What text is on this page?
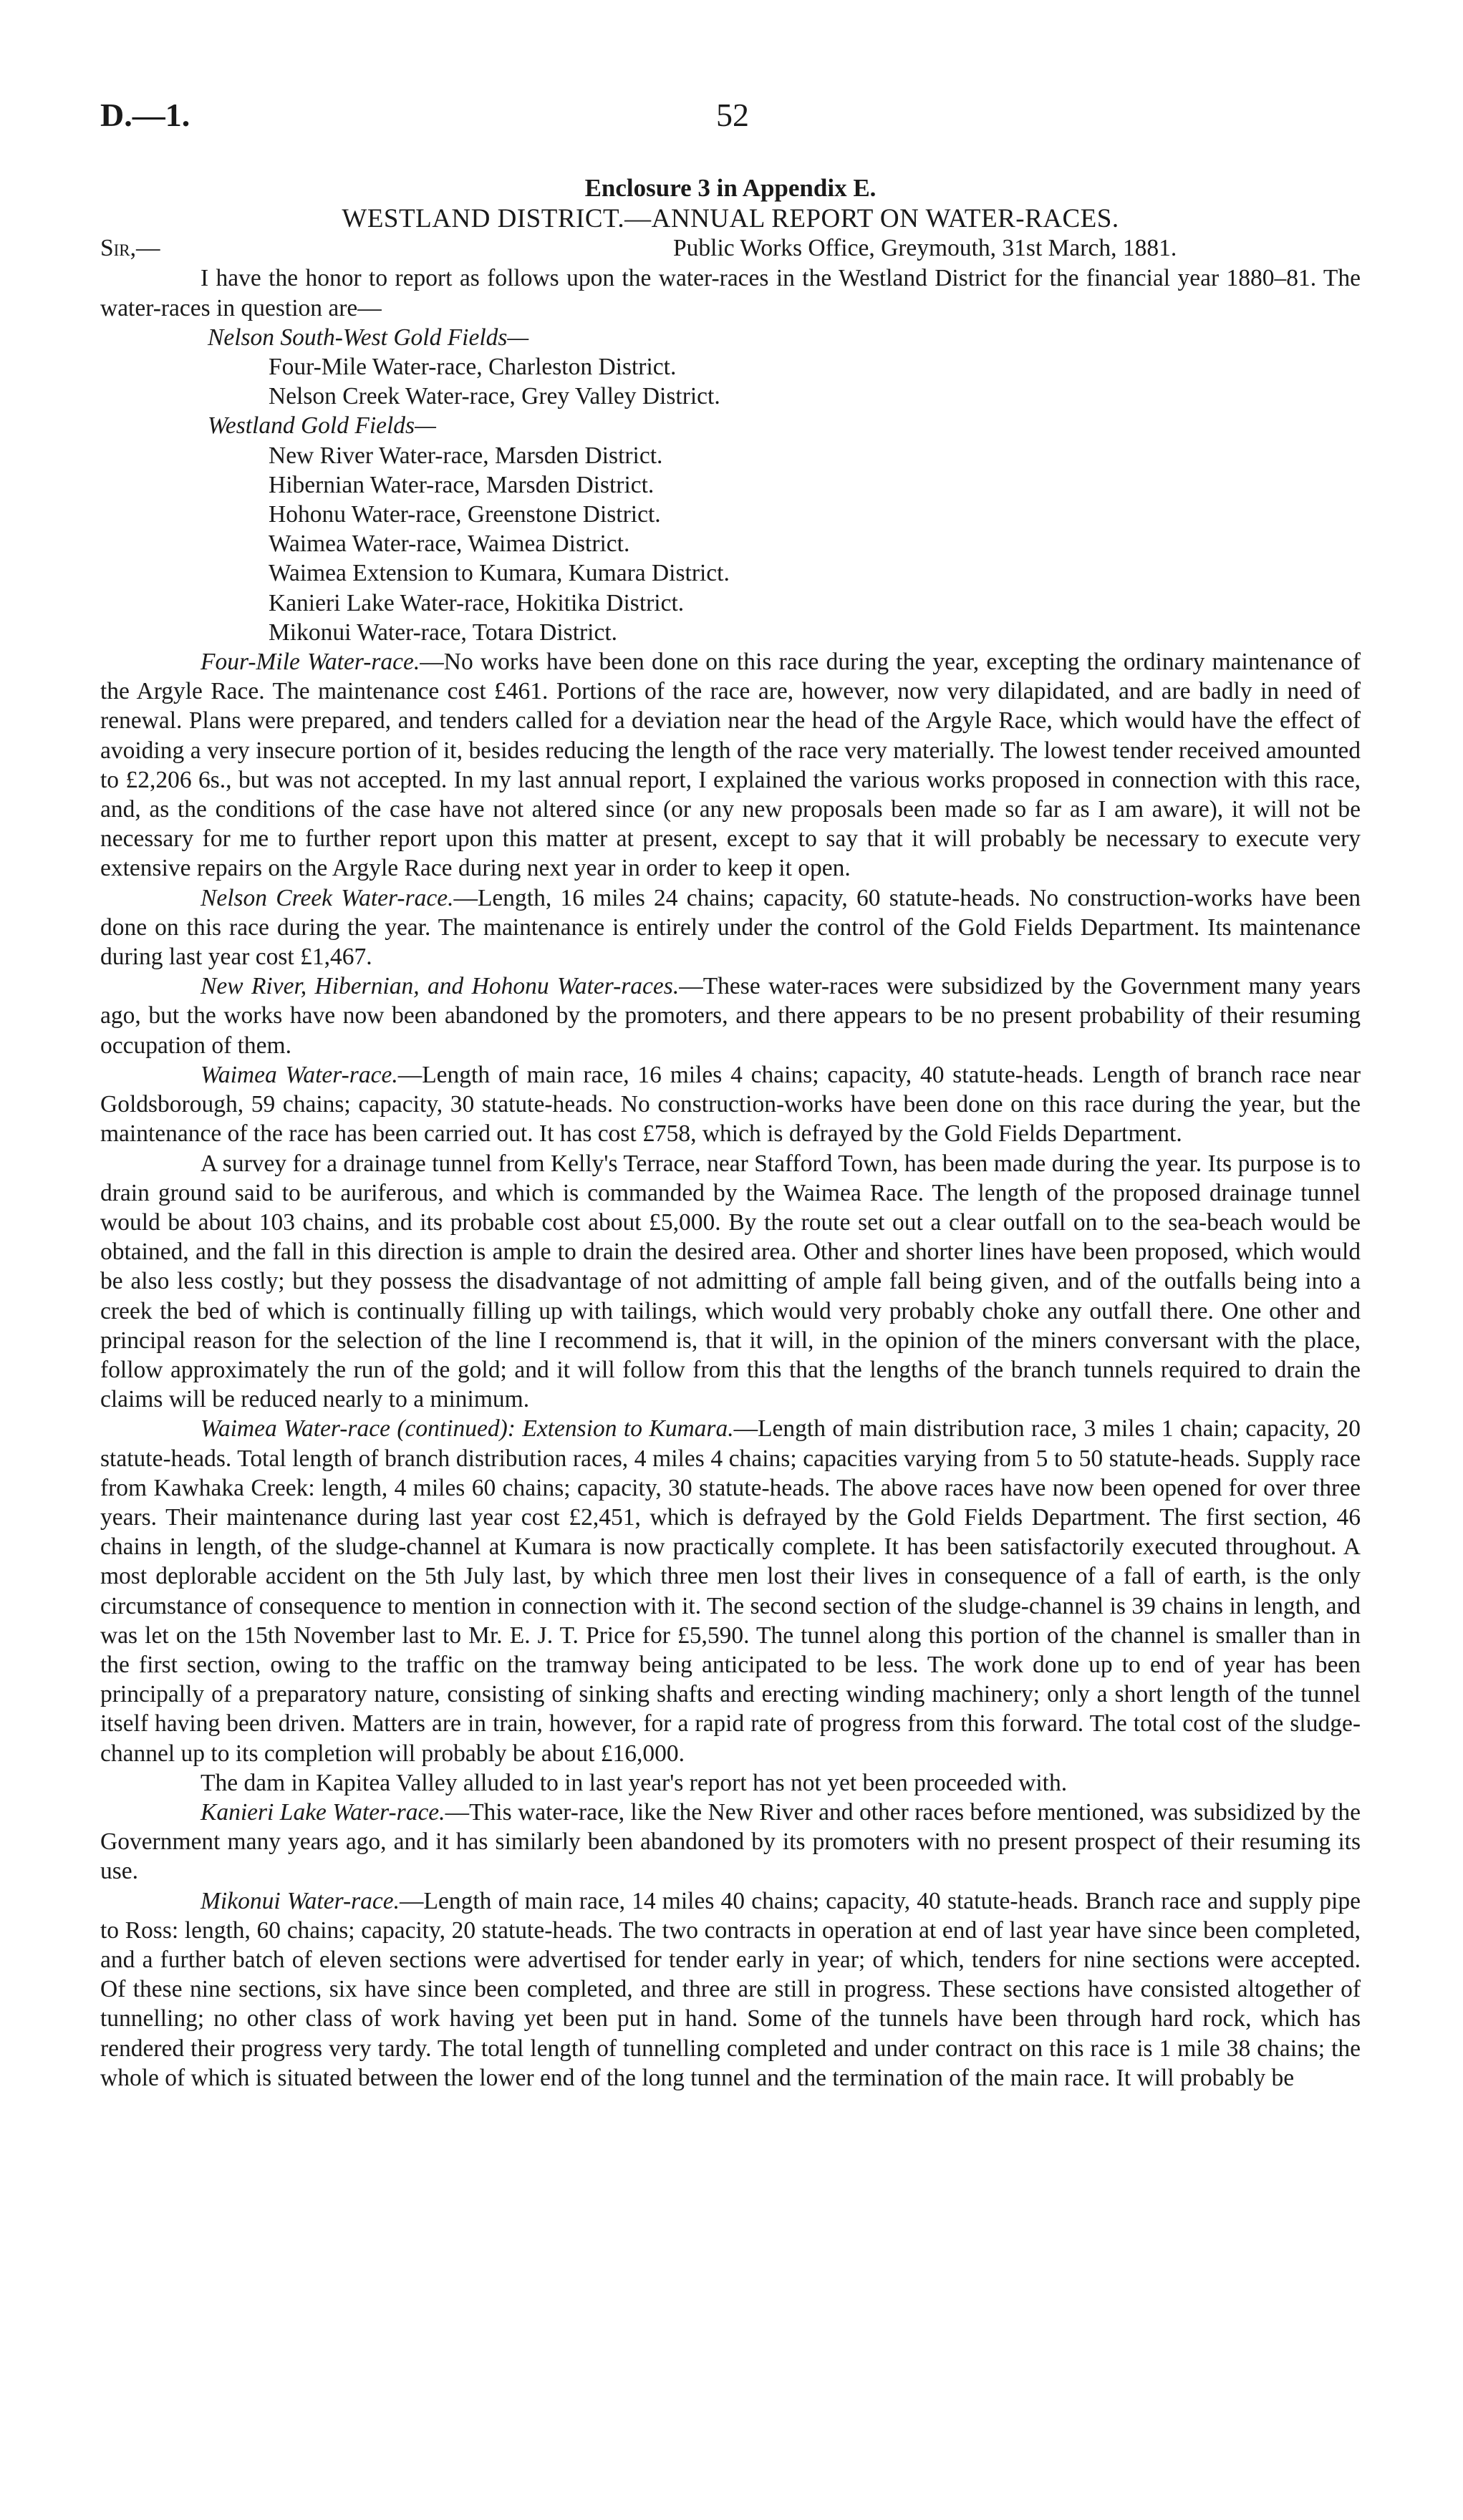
D.—1.	52
Enclosure 3 in Appendix E.
WESTLAND DISTRICT.—ANNUAL REPORT ON WATER-RACES.
Sir,—	Public Works Office, Greymouth, 31st March, 1881.

I have the honor to report as follows upon the water-races in the Westland District for the financial year 1880–81. The water-races in question are—

Nelson South-West Gold Fields—
Four-Mile Water-race, Charleston District.
Nelson Creek Water-race, Grey Valley District.
Westland Gold Fields—
New River Water-race, Marsden District.
Hibernian Water-race, Marsden District.
Hohonu Water-race, Greenstone District.
Waimea Water-race, Waimea District.
Waimea Extension to Kumara, Kumara District.
Kanieri Lake Water-race, Hokitika District.
Mikonui Water-race, Totara District.

Four-Mile Water-race.—No works have been done on this race during the year, excepting the ordinary maintenance of the Argyle Race. The maintenance cost £461. Portions of the race are, however, now very dilapidated, and are badly in need of renewal. Plans were prepared, and tenders called for a deviation near the head of the Argyle Race, which would have the effect of avoiding a very insecure portion of it, besides reducing the length of the race very materially. The lowest tender received amounted to £2,206 6s., but was not accepted. In my last annual report, I explained the various works proposed in connection with this race, and, as the conditions of the case have not altered since (or any new proposals been made so far as I am aware), it will not be necessary for me to further report upon this matter at present, except to say that it will probably be necessary to execute very extensive repairs on the Argyle Race during next year in order to keep it open.

Nelson Creek Water-race.—Length, 16 miles 24 chains; capacity, 60 statute-heads. No construction-works have been done on this race during the year. The maintenance is entirely under the control of the Gold Fields Department. Its maintenance during last year cost £1,467.

New River, Hibernian, and Hohonu Water-races.—These water-races were subsidized by the Government many years ago, but the works have now been abandoned by the promoters, and there appears to be no present probability of their resuming occupation of them.

Waimea Water-race.—Length of main race, 16 miles 4 chains; capacity, 40 statute-heads. Length of branch race near Goldsborough, 59 chains; capacity, 30 statute-heads. No construction-works have been done on this race during the year, but the maintenance of the race has been carried out. It has cost £758, which is defrayed by the Gold Fields Department.

A survey for a drainage tunnel from Kelly's Terrace, near Stafford Town, has been made during the year. Its purpose is to drain ground said to be auriferous, and which is commanded by the Waimea Race. The length of the proposed drainage tunnel would be about 103 chains, and its probable cost about £5,000. By the route set out a clear outfall on to the sea-beach would be obtained, and the fall in this direction is ample to drain the desired area. Other and shorter lines have been proposed, which would be also less costly; but they possess the disadvantage of not admitting of ample fall being given, and of the outfalls being into a creek the bed of which is continually filling up with tailings, which would very probably choke any outfall there. One other and principal reason for the selection of the line I recommend is, that it will, in the opinion of the miners conversant with the place, follow approximately the run of the gold; and it will follow from this that the lengths of the branch tunnels required to drain the claims will be reduced nearly to a minimum.

Waimea Water-race (continued): Extension to Kumara.—Length of main distribution race, 3 miles 1 chain; capacity, 20 statute-heads. Total length of branch distribution races, 4 miles 4 chains; capacities varying from 5 to 50 statute-heads. Supply race from Kawhaka Creek: length, 4 miles 60 chains; capacity, 30 statute-heads. The above races have now been opened for over three years. Their maintenance during last year cost £2,451, which is defrayed by the Gold Fields Department. The first section, 46 chains in length, of the sludge-channel at Kumara is now practically complete. It has been satisfactorily executed throughout. A most deplorable accident on the 5th July last, by which three men lost their lives in consequence of a fall of earth, is the only circumstance of consequence to mention in connection with it. The second section of the sludge-channel is 39 chains in length, and was let on the 15th November last to Mr. E. J. T. Price for £5,590. The tunnel along this portion of the channel is smaller than in the first section, owing to the traffic on the tramway being anticipated to be less. The work done up to end of year has been principally of a preparatory nature, consisting of sinking shafts and erecting winding machinery; only a short length of the tunnel itself having been driven. Matters are in train, however, for a rapid rate of progress from this forward. The total cost of the sludge-channel up to its completion will probably be about £16,000.

The dam in Kapitea Valley alluded to in last year's report has not yet been proceeded with.

Kanieri Lake Water-race.—This water-race, like the New River and other races before mentioned, was subsidized by the Government many years ago, and it has similarly been abandoned by its promoters with no present prospect of their resuming its use.

Mikonui Water-race.—Length of main race, 14 miles 40 chains; capacity, 40 statute-heads. Branch race and supply pipe to Ross: length, 60 chains; capacity, 20 statute-heads. The two contracts in operation at end of last year have since been completed, and a further batch of eleven sections were advertised for tender early in year; of which, tenders for nine sections were accepted. Of these nine sections, six have since been completed, and three are still in progress. These sections have consisted altogether of tunnelling; no other class of work having yet been put in hand. Some of the tunnels have been through hard rock, which has rendered their progress very tardy. The total length of tunnelling completed and under contract on this race is 1 mile 38 chains; the whole of which is situated between the lower end of the long tunnel and the termination of the main race. It will probably be
